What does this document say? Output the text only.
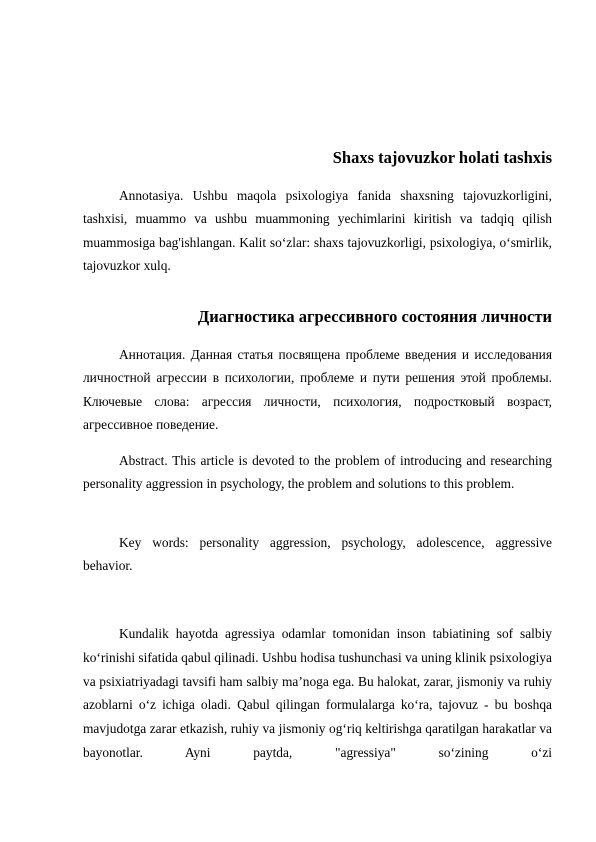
Shaxs tajovuzkor holati tashxis

Annotasiya. Ushbu maqola psixologiya fanida shaxsning tajovuzkorligini, tashxisi, muammo va ushbu muammoning yechimlarini kiritish va tadqiq qilish muammosiga bag'ishlangan. Kalit so‘zlar: shaxs tajovuzkorligi, psixologiya, o‘smirlik, tajovuzkor xulq.

Диагностика агрессивного состояния личности

Аннотация. Данная статья посвящена проблеме введения и исследования личностной агрессии в психологии, проблеме и пути решения этой проблемы. Ключевые слова: агрессия личности, психология, подростковый возраст, агрессивное поведение.

Abstract. This article is devoted to the problem of introducing and researching personality aggression in psychology, the problem and solutions to this problem.

Key words: personality aggression, psychology, adolescence, aggressive behavior.

Kundalik hayotda agressiya odamlar tomonidan inson tabiatining sof salbiy ko‘rinishi sifatida qabul qilinadi. Ushbu hodisa tushunchasi va uning klinik psixologiya va psixiatriyadagi tavsifi ham salbiy ma’noga ega. Bu halokat, zarar, jismoniy va ruhiy azoblarni o‘z ichiga oladi. Qabul qilingan formulalarga ko‘ra, tajovuz - bu boshqa mavjudotga zarar etkazish, ruhiy va jismoniy og‘riq keltirishga qaratilgan harakatlar va bayonotlar. Ayni paytda, "agressiya" so‘zining o‘zi
